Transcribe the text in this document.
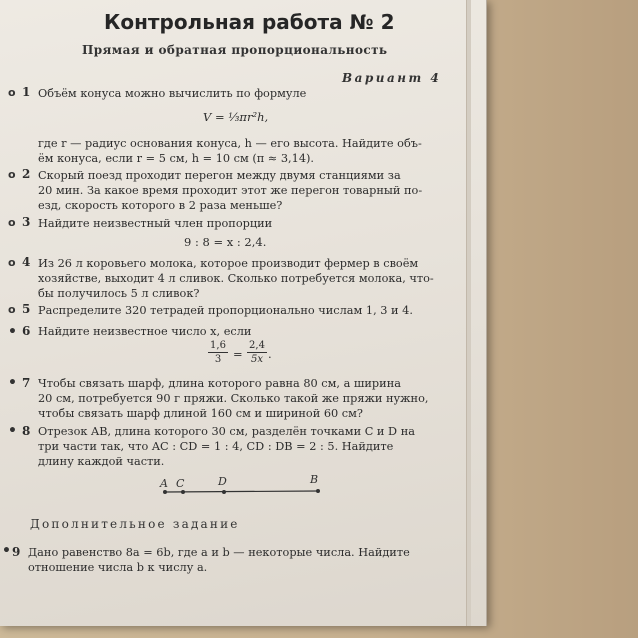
Контрольная работа № 2
Прямая и обратная пропорциональность
Вариант 4
o 1 Объём конуса можно вычислить по формуле
V = ⅓πr²h,
где r — радиус основания конуса, h — его высота. Найдите объ-
ём конуса, если r = 5 см, h = 10 см (π ≈ 3,14).
o 2 Скорый поезд проходит перегон между двумя станциями за
20 мин. За какое время проходит этот же перегон товарный по-
езд, скорость которого в 2 раза меньше?
o 3 Найдите неизвестный член пропорции
9 : 8 = x : 2,4.
o 4 Из 26 л коровьего молока, которое производит фермер в своём
хозяйстве, выходит 4 л сливок. Сколько потребуется молока, что-
бы получилось 5 л сливок?
o 5 Распределите 320 тетрадей пропорционально числам 1, 3 и 4.
• 6 Найдите неизвестное число x, если
1,6
3	=
2,4
5x .
• 7 Чтобы связать шарф, длина которого равна 80 см, а ширина
20 см, потребуется 90 г пряжи. Сколько такой же пряжи нужно,
чтобы связать шарф длиной 160 см и шириной 60 см?
• 8 Отрезок AB, длина которого 30 см, разделён точками C и D на
три части так, что AC : CD = 1 : 4, CD : DB = 2 : 5. Найдите
длину каждой части.
A C	D	B
Дополнительное задание
• 9 Дано равенство 8a = 6b, где a и b — некоторые числа. Найдите
отношение числа b к числу a.
